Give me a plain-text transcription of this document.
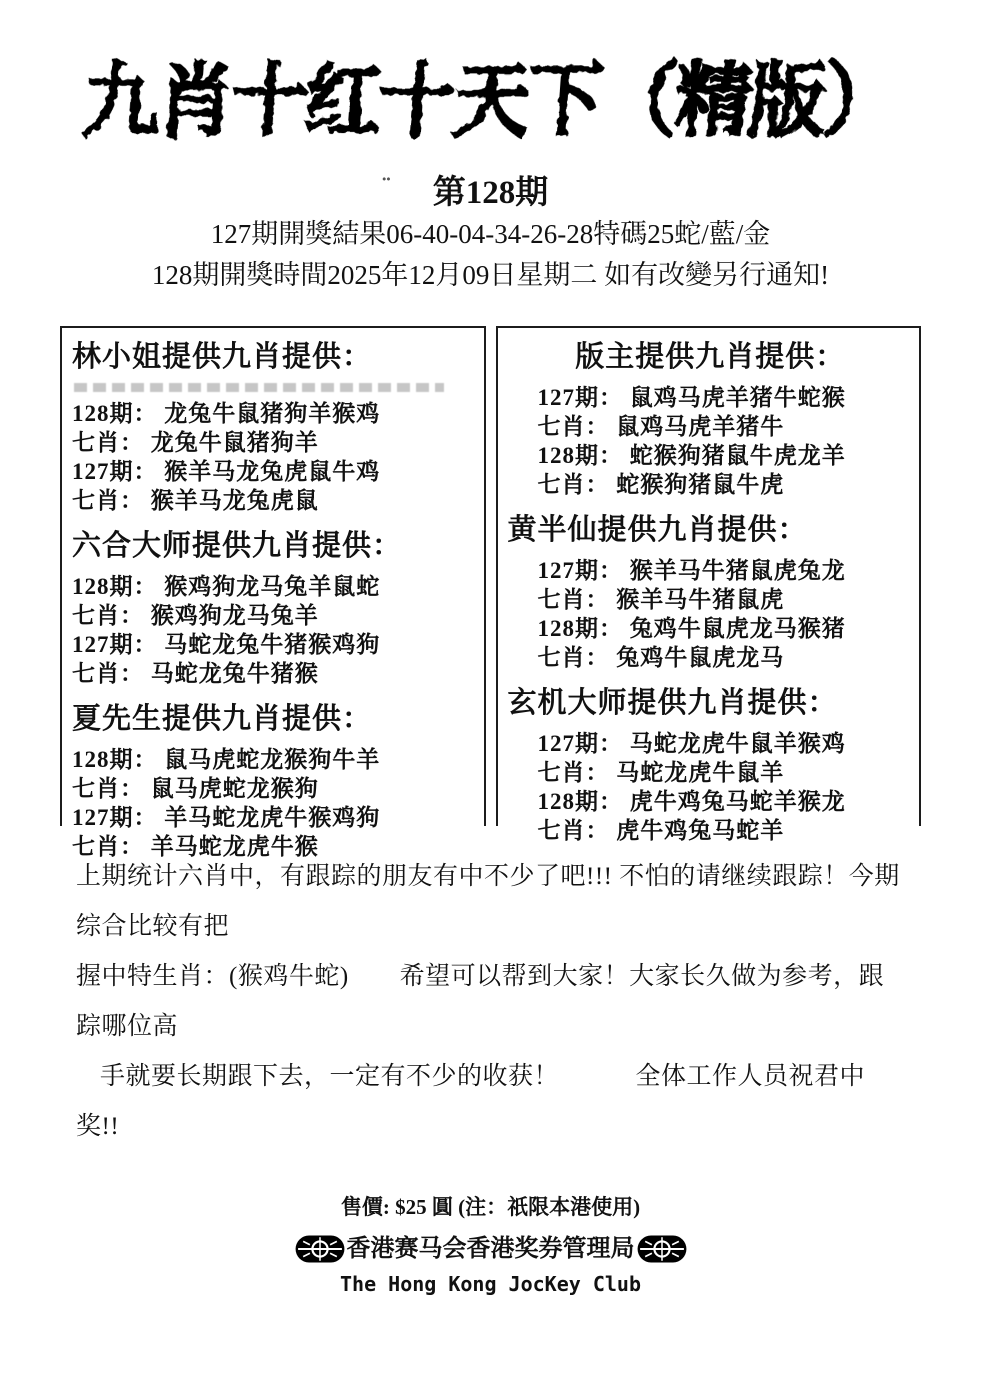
九肖十红十天下（精版）
¨ 第128期

127期開獎結果06-40-04-34-26-28特碼25蛇/藍/金

128期開獎時間2025年12月09日星期二 如有改變另行通知!

林小姐提供九肖提供：
128期： 龙兔牛鼠猪狗羊猴鸡
七肖： 龙兔牛鼠猪狗羊
127期： 猴羊马龙兔虎鼠牛鸡
七肖： 猴羊马龙兔虎鼠
六合大师提供九肖提供：
128期： 猴鸡狗龙马兔羊鼠蛇
七肖： 猴鸡狗龙马兔羊
127期： 马蛇龙兔牛猪猴鸡狗
七肖： 马蛇龙兔牛猪猴
夏先生提供九肖提供：
128期： 鼠马虎蛇龙猴狗牛羊
七肖： 鼠马虎蛇龙猴狗
127期： 羊马蛇龙虎牛猴鸡狗
七肖： 羊马蛇龙虎牛猴
版主提供九肖提供：
127期： 鼠鸡马虎羊猪牛蛇猴
七肖： 鼠鸡马虎羊猪牛
128期： 蛇猴狗猪鼠牛虎龙羊
七肖： 蛇猴狗猪鼠牛虎
黄半仙提供九肖提供：
127期： 猴羊马牛猪鼠虎兔龙
七肖： 猴羊马牛猪鼠虎
128期： 兔鸡牛鼠虎龙马猴猪
七肖： 兔鸡牛鼠虎龙马
玄机大师提供九肖提供：
127期： 马蛇龙虎牛鼠羊猴鸡
七肖： 马蛇龙虎牛鼠羊
128期： 虎牛鸡兔马蛇羊猴龙
七肖： 虎牛鸡兔马蛇羊

上期统计六肖中，有跟踪的朋友有中不少了吧!!! 不怕的请继续跟踪！今期综合比较有把

握中特生肖：(猴鸡牛蛇)　　希望可以帮到大家！大家长久做为参考，跟踪哪位高

手就要长期跟下去，一定有不少的收获！　　　全体工作人员祝君中奖!!

售價: $25 圓 (注：祇限本港使用)

香港赛马会香港奖券管理局

The Hong Kong JocKey Club
